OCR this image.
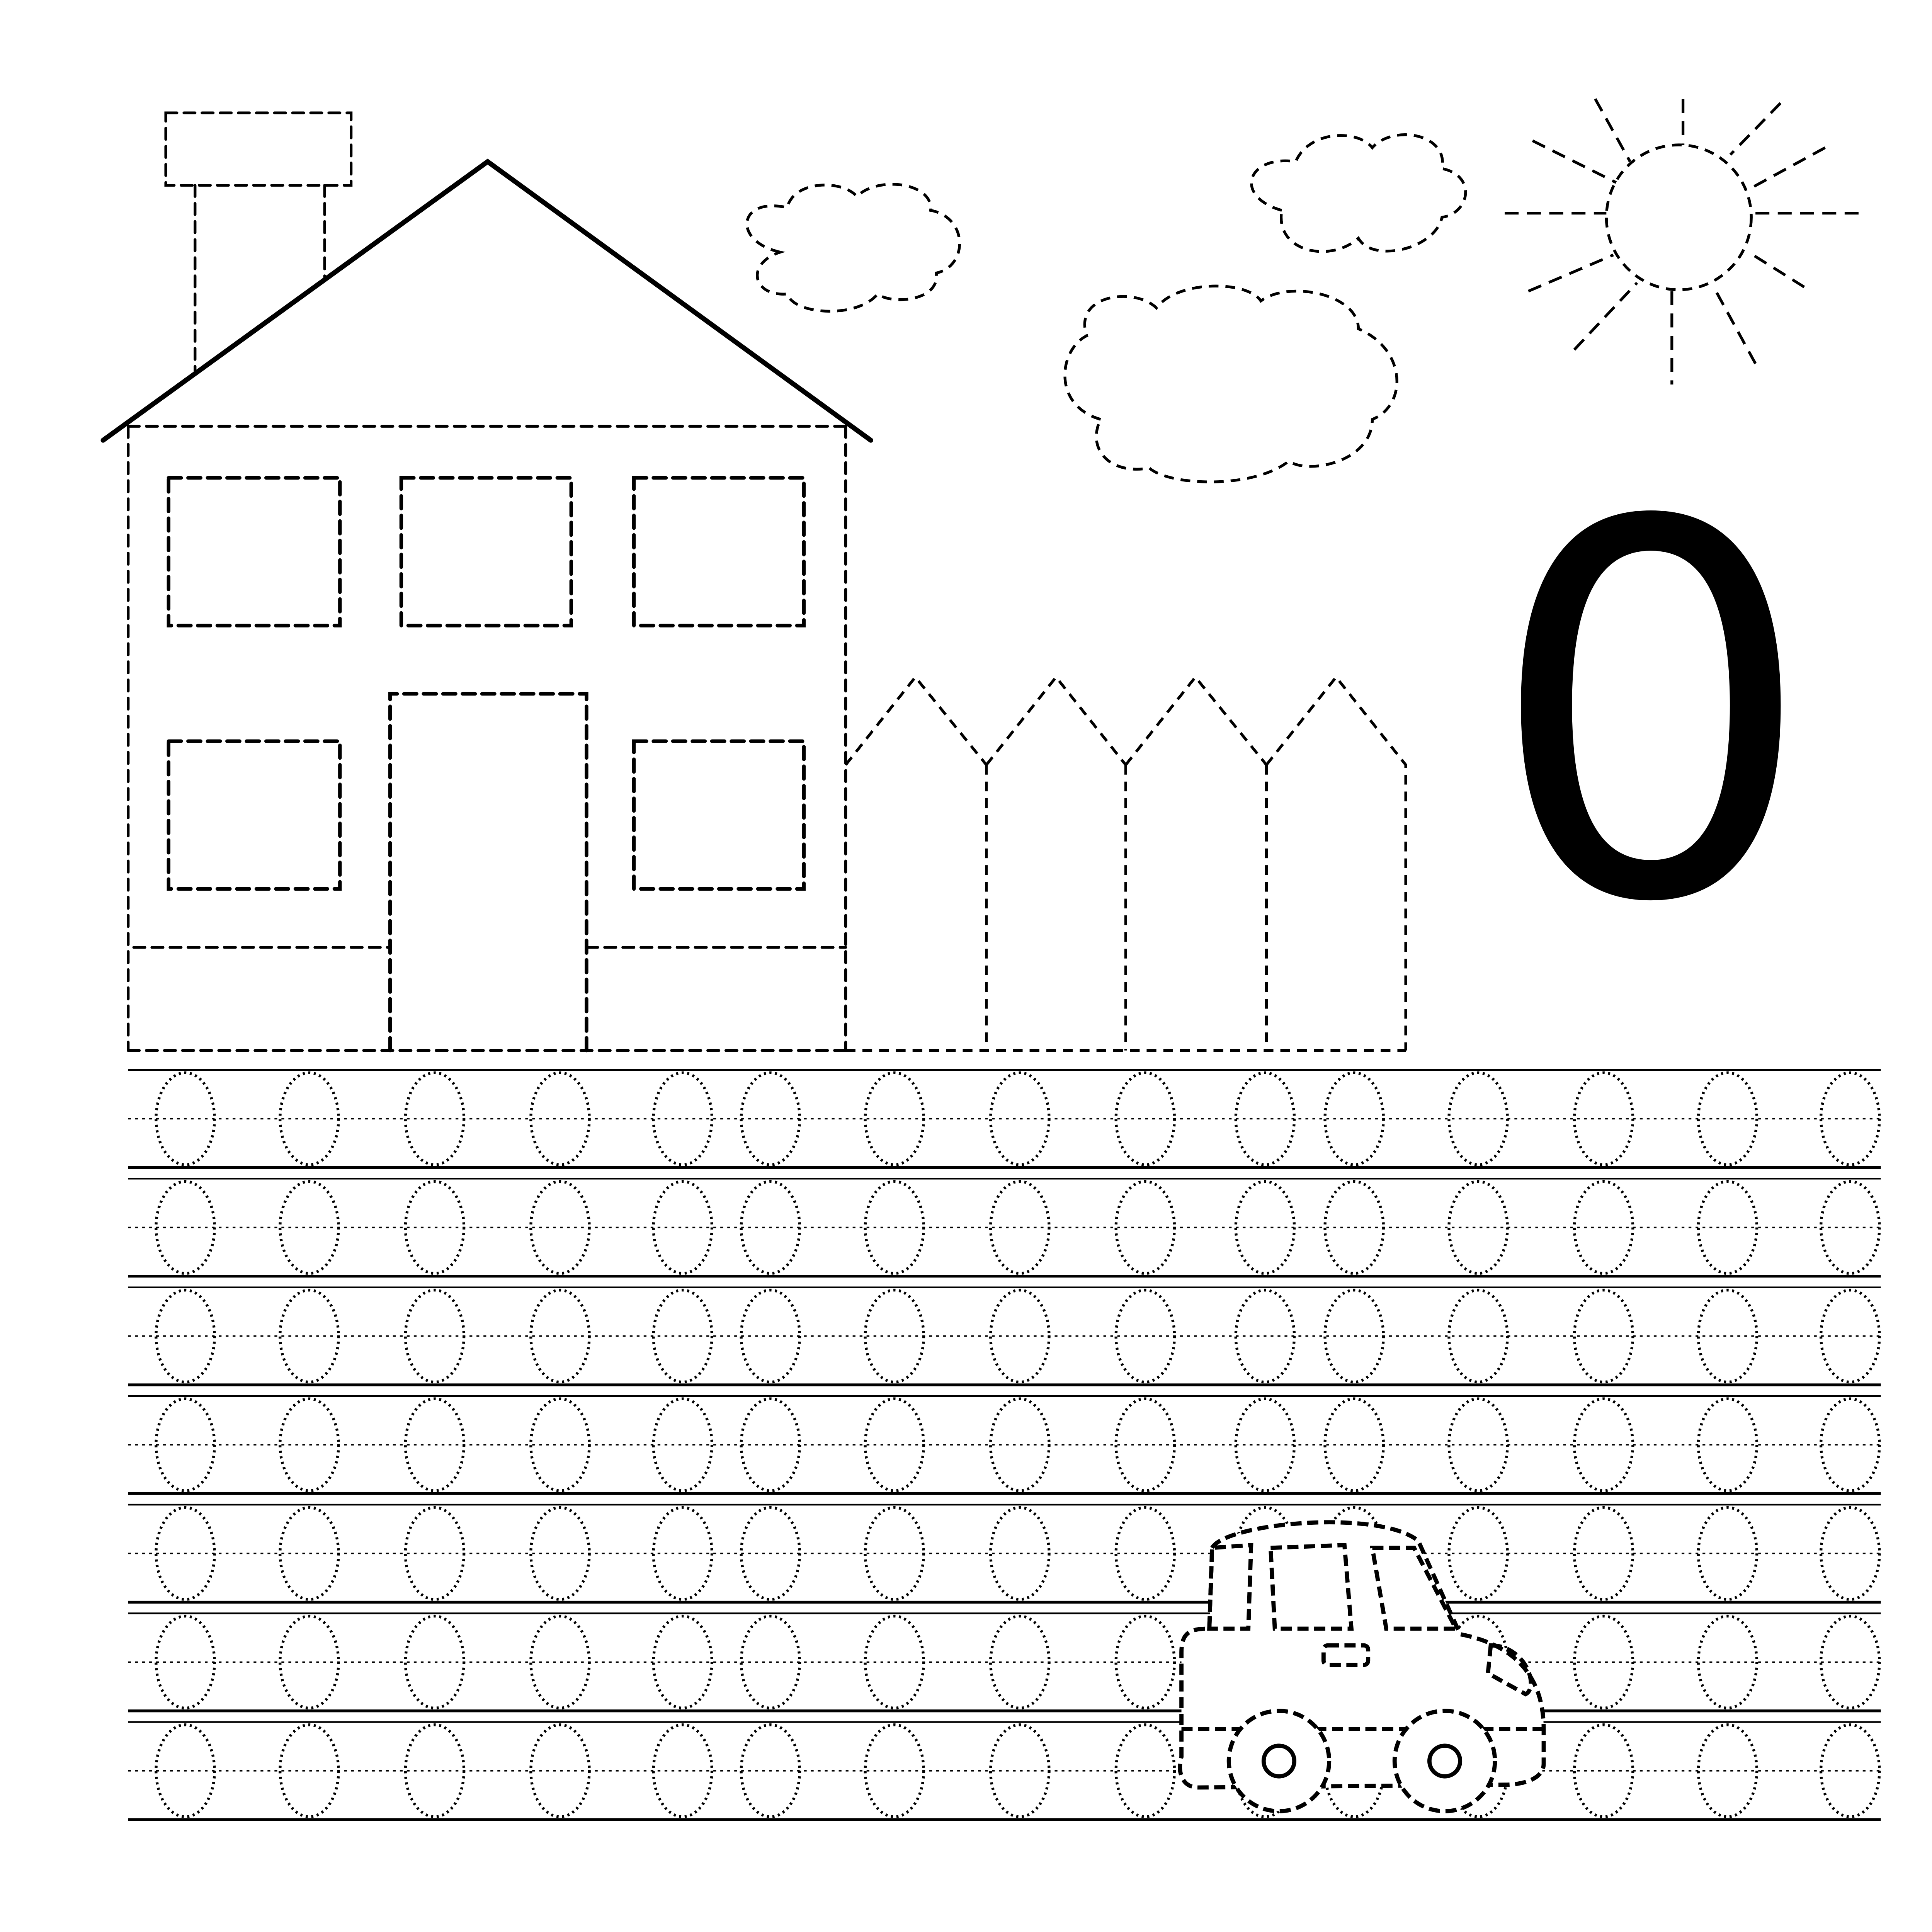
0
